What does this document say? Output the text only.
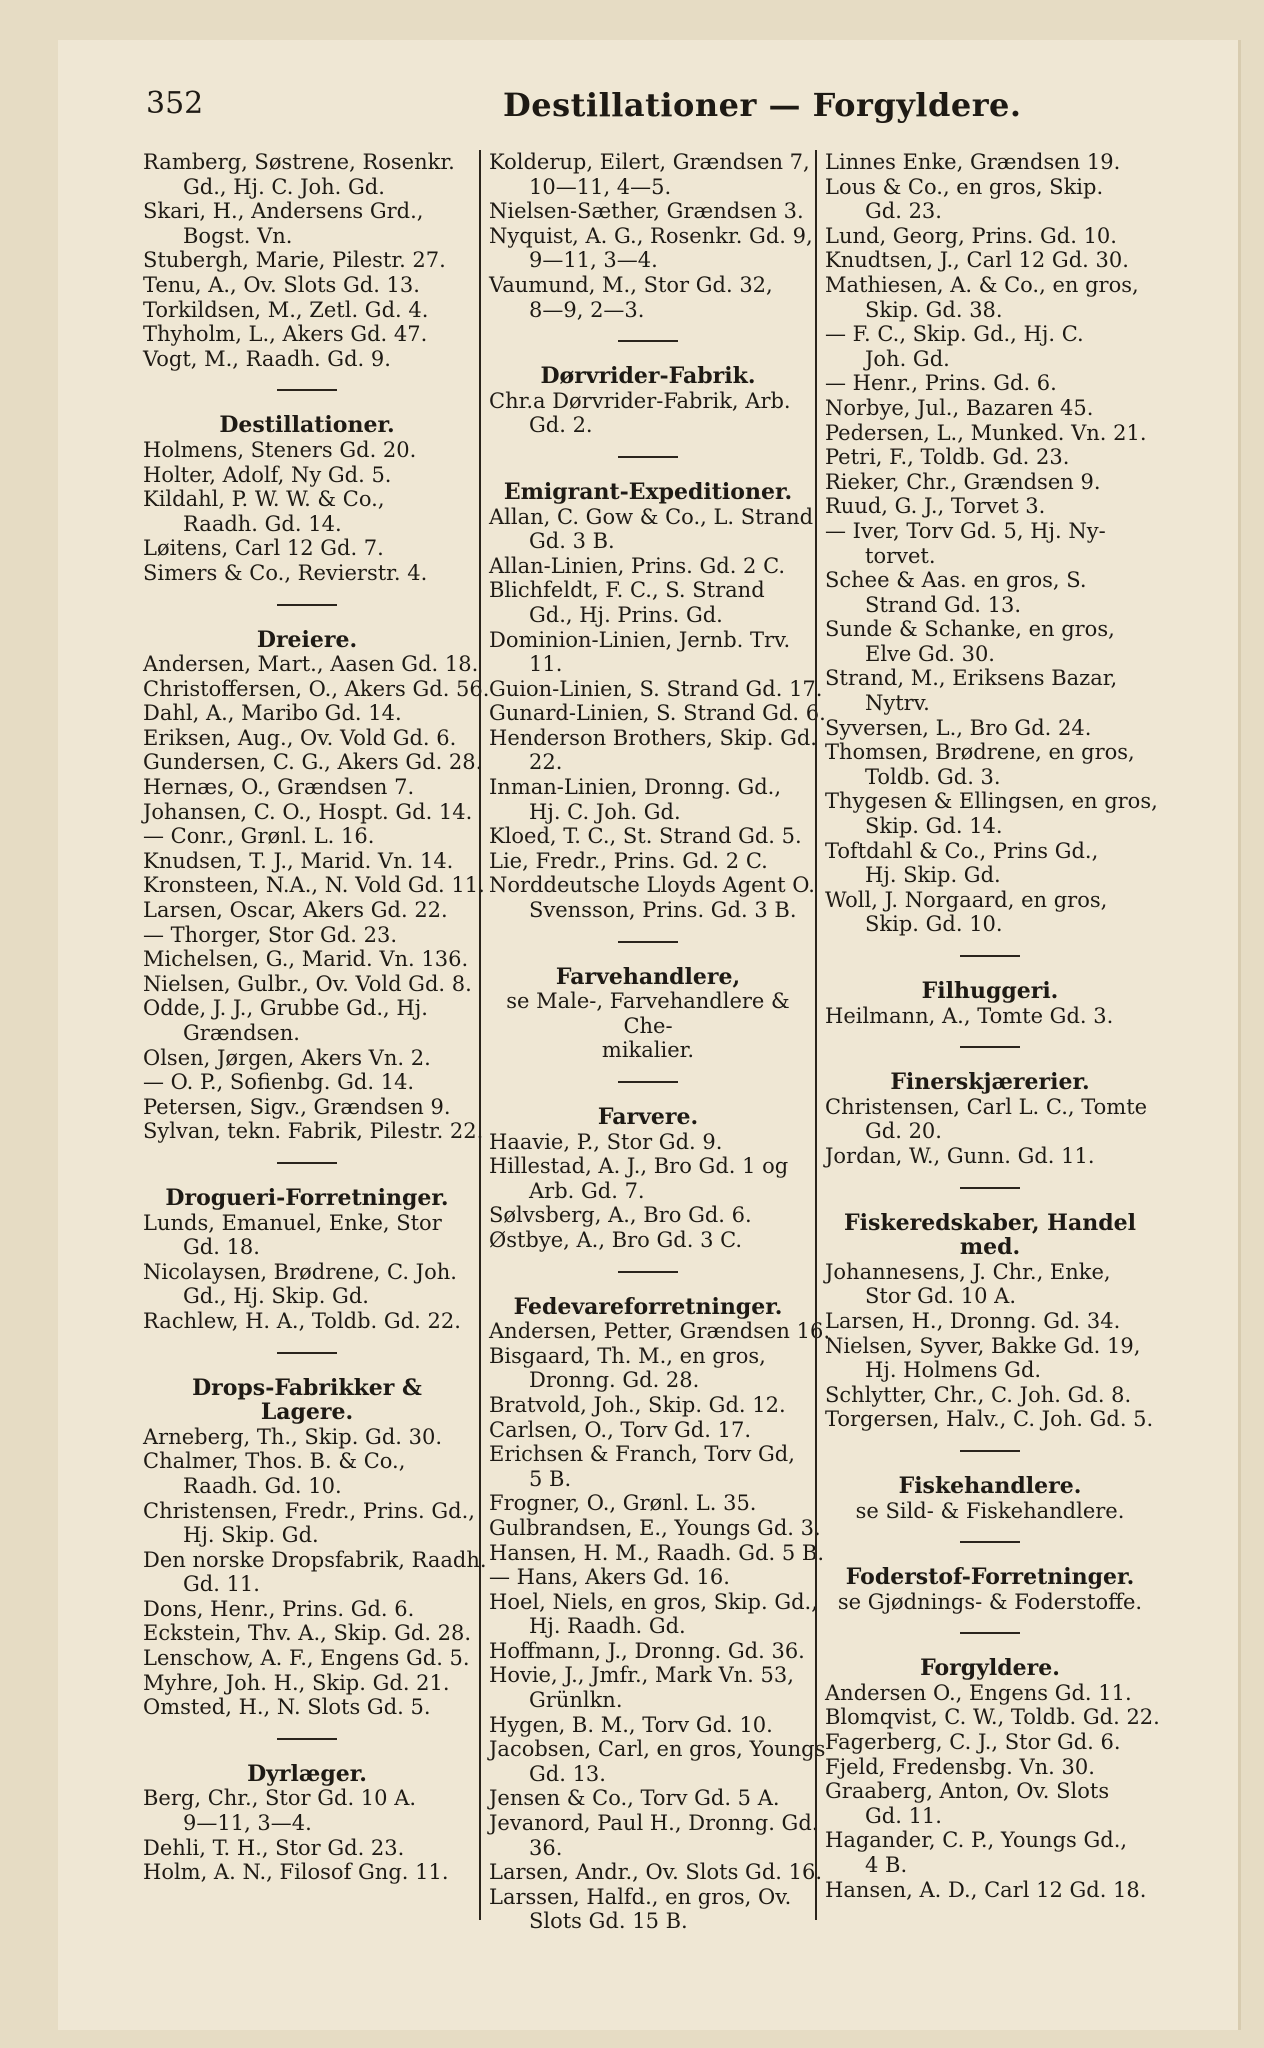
352	Destillationer — Forgyldere.
Ramberg, Søstrene, Rosenkr.
Gd., Hj. C. Joh. Gd.
Skari, H., Andersens Grd.,
Bogst. Vn.
Stubergh, Marie, Pilestr. 27.
Tenu, A., Ov. Slots Gd. 13.
Torkildsen, M., Zetl. Gd. 4.
Thyholm, L., Akers Gd. 47.
Vogt, M., Raadh. Gd. 9.
Destillationer.
Holmens, Steners Gd. 20.
Holter, Adolf, Ny Gd. 5.
Kildahl, P. W. W. & Co.,
Raadh. Gd. 14.
Løitens, Carl 12 Gd. 7.
Simers & Co., Revierstr. 4.
Dreiere.
Andersen, Mart., Aasen Gd. 18.
Christoffersen, O., Akers Gd. 56.
Dahl, A., Maribo Gd. 14.
Eriksen, Aug., Ov. Vold Gd. 6.
Gundersen, C. G., Akers Gd. 28.
Hernæs, O., Grændsen 7.
Johansen, C. O., Hospt. Gd. 14.
— Conr., Grønl. L. 16.
Knudsen, T. J., Marid. Vn. 14.
Kronsteen, N.A., N. Vold Gd. 11.
Larsen, Oscar, Akers Gd. 22.
— Thorger, Stor Gd. 23.
Michelsen, G., Marid. Vn. 136.
Nielsen, Gulbr., Ov. Vold Gd. 8.
Odde, J. J., Grubbe Gd., Hj.
Grændsen.
Olsen, Jørgen, Akers Vn. 2.
— O. P., Sofienbg. Gd. 14.
Petersen, Sigv., Grændsen 9.
Sylvan, tekn. Fabrik, Pilestr. 22.
Drogueri-Forretninger.
Lunds, Emanuel, Enke, Stor
Gd. 18.
Nicolaysen, Brødrene, C. Joh.
Gd., Hj. Skip. Gd.
Rachlew, H. A., Toldb. Gd. 22.
Drops-Fabrikker & Lagere.
Arneberg, Th., Skip. Gd. 30.
Chalmer, Thos. B. & Co.,
Raadh. Gd. 10.
Christensen, Fredr., Prins. Gd.,
Hj. Skip. Gd.
Den norske Dropsfabrik, Raadh.
Gd. 11.
Dons, Henr., Prins. Gd. 6.
Eckstein, Thv. A., Skip. Gd. 28.
Lenschow, A. F., Engens Gd. 5.
Myhre, Joh. H., Skip. Gd. 21.
Omsted, H., N. Slots Gd. 5.
Dyrlæger.
Berg, Chr., Stor Gd. 10 A.
9—11, 3—4.
Dehli, T. H., Stor Gd. 23.
Holm, A. N., Filosof Gng. 11.
Kolderup, Eilert, Grændsen 7,
10—11, 4—5.
Nielsen-Sæther, Grændsen 3.
Nyquist, A. G., Rosenkr. Gd. 9,
9—11, 3—4.
Vaumund, M., Stor Gd. 32,
8—9, 2—3.
Dørvrider-Fabrik.
Chr.a Dørvrider-Fabrik, Arb.
Gd. 2.
Emigrant-Expeditioner.
Allan, C. Gow & Co., L. Strand
Gd. 3 B.
Allan-Linien, Prins. Gd. 2 C.
Blichfeldt, F. C., S. Strand
Gd., Hj. Prins. Gd.
Dominion-Linien, Jernb. Trv.
11.
Guion-Linien, S. Strand Gd. 17.
Gunard-Linien, S. Strand Gd. 6.
Henderson Brothers, Skip. Gd.
22.
Inman-Linien, Dronng. Gd.,
Hj. C. Joh. Gd.
Kloed, T. C., St. Strand Gd. 5.
Lie, Fredr., Prins. Gd. 2 C.
Norddeutsche Lloyds Agent O.
Svensson, Prins. Gd. 3 B.
Farvehandlere,
se Male-, Farvehandlere & Che-
mikalier.
Farvere.
Haavie, P., Stor Gd. 9.
Hillestad, A. J., Bro Gd. 1 og
Arb. Gd. 7.
Sølvsberg, A., Bro Gd. 6.
Østbye, A., Bro Gd. 3 C.
Fedevareforretninger.
Andersen, Petter, Grændsen 16.
Bisgaard, Th. M., en gros,
Dronng. Gd. 28.
Bratvold, Joh., Skip. Gd. 12.
Carlsen, O., Torv Gd. 17.
Erichsen & Franch, Torv Gd,
5 B.
Frogner, O., Grønl. L. 35.
Gulbrandsen, E., Youngs Gd. 3.
Hansen, H. M., Raadh. Gd. 5 B.
— Hans, Akers Gd. 16.
Hoel, Niels, en gros, Skip. Gd.,
Hj. Raadh. Gd.
Hoffmann, J., Dronng. Gd. 36.
Hovie, J., Jmfr., Mark Vn. 53,
Grünlkn.
Hygen, B. M., Torv Gd. 10.
Jacobsen, Carl, en gros, Youngs
Gd. 13.
Jensen & Co., Torv Gd. 5 A.
Jevanord, Paul H., Dronng. Gd.
36.
Larsen, Andr., Ov. Slots Gd. 16.
Larssen, Halfd., en gros, Ov.
Slots Gd. 15 B.
Linnes Enke, Grændsen 19.
Lous & Co., en gros, Skip.
Gd. 23.
Lund, Georg, Prins. Gd. 10.
Knudtsen, J., Carl 12 Gd. 30.
Mathiesen, A. & Co., en gros,
Skip. Gd. 38.
— F. C., Skip. Gd., Hj. C.
Joh. Gd.
— Henr., Prins. Gd. 6.
Norbye, Jul., Bazaren 45.
Pedersen, L., Munked. Vn. 21.
Petri, F., Toldb. Gd. 23.
Rieker, Chr., Grændsen 9.
Ruud, G. J., Torvet 3.
— Iver, Torv Gd. 5, Hj. Ny-
torvet.
Schee & Aas. en gros, S.
Strand Gd. 13.
Sunde & Schanke, en gros,
Elve Gd. 30.
Strand, M., Eriksens Bazar,
Nytrv.
Syversen, L., Bro Gd. 24.
Thomsen, Brødrene, en gros,
Toldb. Gd. 3.
Thygesen & Ellingsen, en gros,
Skip. Gd. 14.
Toftdahl & Co., Prins Gd.,
Hj. Skip. Gd.
Woll, J. Norgaard, en gros,
Skip. Gd. 10.
Filhuggeri.
Heilmann, A., Tomte Gd. 3.
Finerskjærerier.
Christensen, Carl L. C., Tomte
Gd. 20.
Jordan, W., Gunn. Gd. 11.
Fiskeredskaber, Handel med.
Johannesens, J. Chr., Enke,
Stor Gd. 10 A.
Larsen, H., Dronng. Gd. 34.
Nielsen, Syver, Bakke Gd. 19,
Hj. Holmens Gd.
Schlytter, Chr., C. Joh. Gd. 8.
Torgersen, Halv., C. Joh. Gd. 5.
Fiskehandlere.
se Sild- & Fiskehandlere.
Foderstof-Forretninger.
se Gjødnings- & Foderstoffe.
Forgyldere.
Andersen O., Engens Gd. 11.
Blomqvist, C. W., Toldb. Gd. 22.
Fagerberg, C. J., Stor Gd. 6.
Fjeld, Fredensbg. Vn. 30.
Graaberg, Anton, Ov. Slots
Gd. 11.
Hagander, C. P., Youngs Gd.,
4 B.
Hansen, A. D., Carl 12 Gd. 18.
